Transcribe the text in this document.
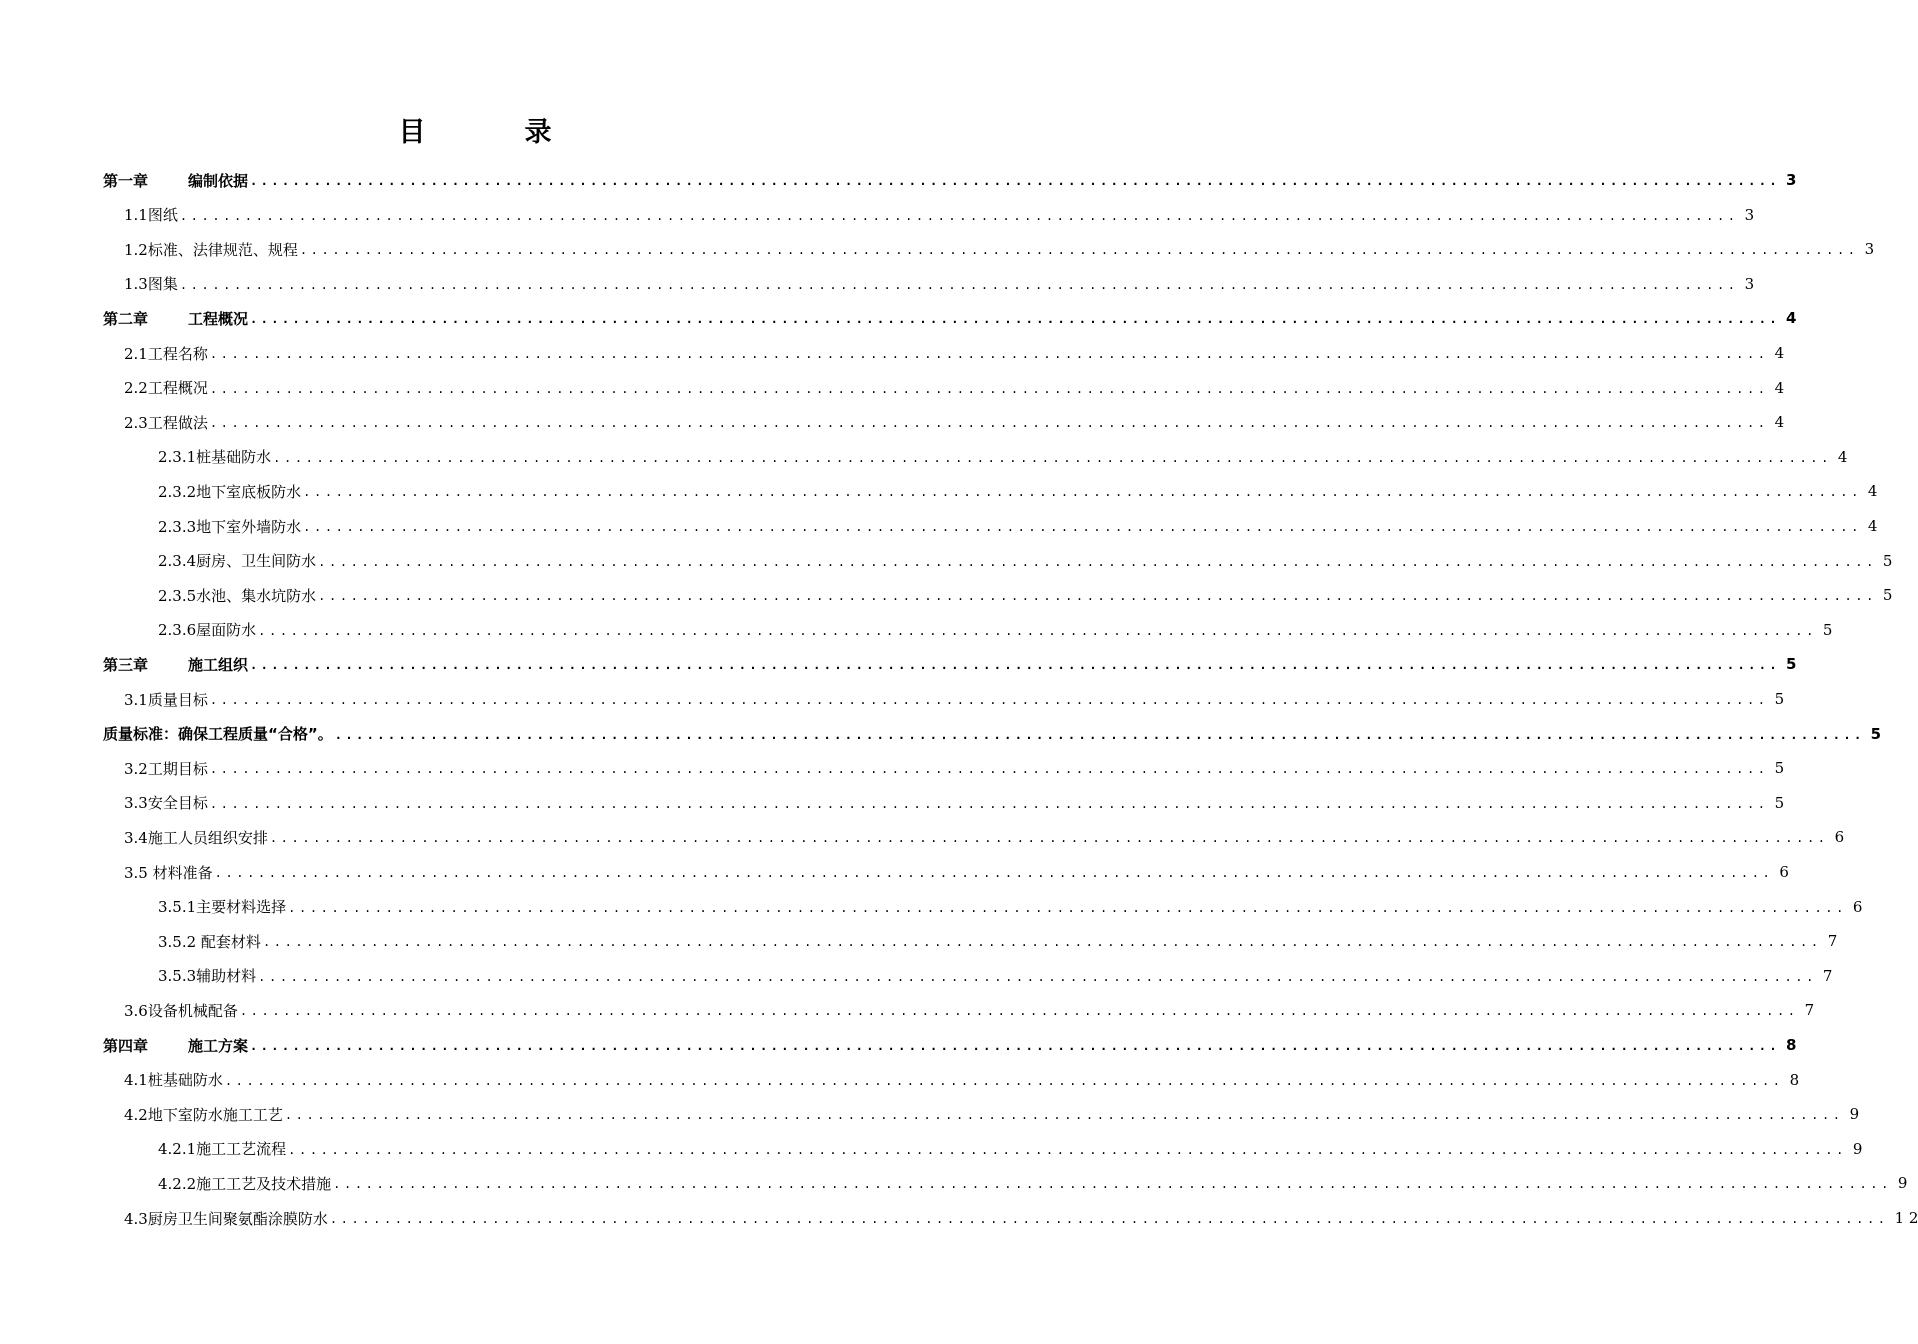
目　录
第一章	编制依据 ................................................................................................................................................ 3
1.1图纸 ................................................................................................................................................ 3
1.2标准、法律规范、规程 ................................................................................................................................................ 3
1.3图集 ................................................................................................................................................ 3
第二章	工程概况 ................................................................................................................................................ 4
2.1工程名称 ................................................................................................................................................ 4
2.2工程概况 ................................................................................................................................................ 4
2.3工程做法 ................................................................................................................................................ 4
2.3.1桩基础防水 ................................................................................................................................................ 4
2.3.2地下室底板防水 ................................................................................................................................................ 4
2.3.3地下室外墙防水 ................................................................................................................................................ 4
2.3.4厨房、卫生间防水 ................................................................................................................................................ 5
2.3.5水池、集水坑防水 ................................................................................................................................................ 5
2.3.6屋面防水 ................................................................................................................................................ 5
第三章	施工组织 ................................................................................................................................................ 5
3.1质量目标 ................................................................................................................................................ 5
质量标准：确保工程质量“合格”。 ................................................................................................................................................ 5
3.2工期目标 ................................................................................................................................................ 5
3.3安全目标 ................................................................................................................................................ 5
3.4施工人员组织安排 ................................................................................................................................................ 6
3.5 材料准备 ................................................................................................................................................ 6
3.5.1主要材料选择 ................................................................................................................................................ 6
3.5.2 配套材料 ................................................................................................................................................ 7
3.5.3辅助材料 ................................................................................................................................................ 7
3.6设备机械配备 ................................................................................................................................................ 7
第四章	施工方案 ................................................................................................................................................ 8
4.1桩基础防水 ................................................................................................................................................ 8
4.2地下室防水施工工艺 ................................................................................................................................................ 9
4.2.1施工工艺流程 ................................................................................................................................................ 9
4.2.2施工工艺及技术措施 ................................................................................................................................................ 9
4.3厨房卫生间聚氨酯涂膜防水 ................................................................................................................................................ 1 2
